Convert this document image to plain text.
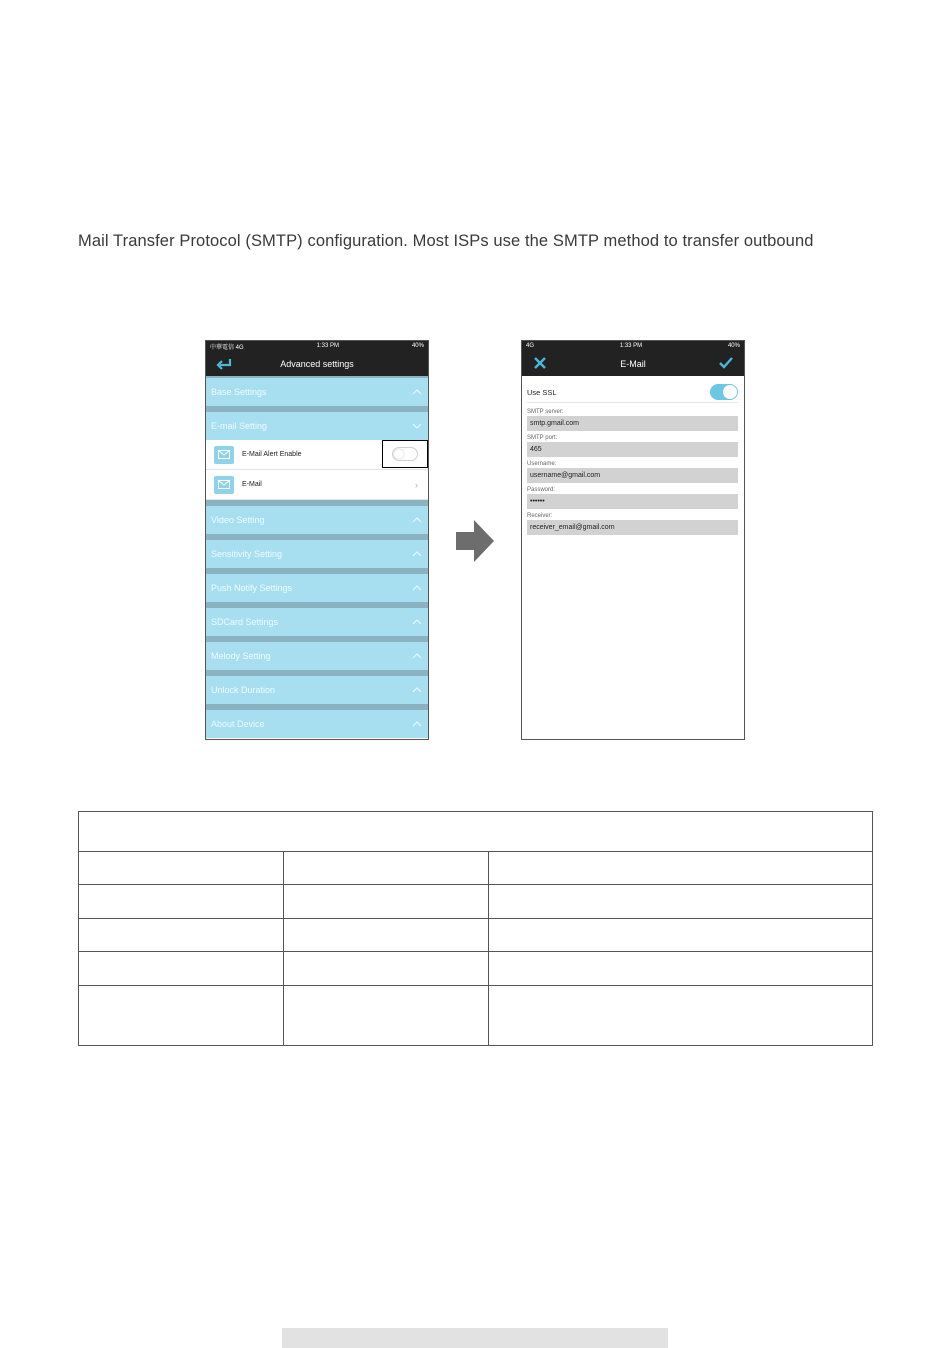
Mail Transfer Protocol (SMTP) configuration. Most ISPs use the SMTP method to transfer outbound
中華電信 4G	1:33 PM	40%
Advanced settings
Base Settings
E-mail Setting
E-Mail Alert Enable
E-Mail	›
Video Setting
Sensitivity Setting
Push Notify Settings
SDCard Settings
Melody Setting
Unlock Duration
About Device
4G	1:33 PM	40%
E-Mail
Use SSL
SMTP server:
smtp.gmail.com
SMTP port:
465
Username:
username@gmail.com
Password:
••••••
Receiver:
receiver_email@gmail.com
